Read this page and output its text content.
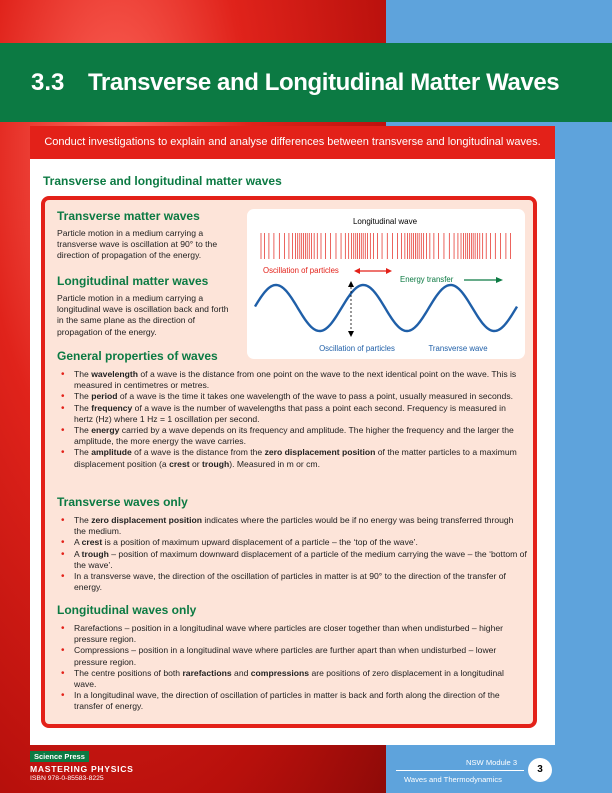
3.3 Transverse and Longitudinal Matter Waves
Conduct investigations to explain and analyse differences between transverse and longitudinal waves.
Transverse and longitudinal matter waves
Transverse matter waves
Particle motion in a medium carrying a transverse wave is oscillation at 90° to the direction of propagation of the energy.
Longitudinal matter waves
Particle motion in a medium carrying a longitudinal wave is oscillation back and forth in the same plane as the direction of propagation of the energy.
Longitudinal wave
Oscillation of particles
Energy transfer
Oscillation of particles	Transverse wave
General properties of waves
• The wavelength of a wave is the distance from one point on the wave to the next identical point on the wave. This is measured in centimetres or metres.
• The period of a wave is the time it takes one wavelength of the wave to pass a point, usually measured in seconds.
• The frequency of a wave is the number of wavelengths that pass a point each second. Frequency is measured in hertz (Hz) where 1 Hz = 1 oscillation per second.
• The energy carried by a wave depends on its frequency and amplitude. The higher the frequency and the larger the amplitude, the more energy the wave carries.
• The amplitude of a wave is the distance from the zero displacement position of the matter particles to a maximum displacement position (a crest or trough). Measured in m or cm.
Transverse waves only
• The zero displacement position indicates where the particles would be if no energy was being transferred through the medium.
• A crest is a position of maximum upward displacement of a particle – the ‘top of the wave’.
• A trough – position of maximum downward displacement of a particle of the medium carrying the wave – the ‘bottom of the wave’.
• In a transverse wave, the direction of the oscillation of particles in matter is at 90° to the direction of the transfer of energy.
Longitudinal waves only
• Rarefactions – position in a longitudinal wave where particles are closer together than when undisturbed – higher pressure region.
• Compressions – position in a longitudinal wave where particles are further apart than when undisturbed – lower pressure region.
• The centre positions of both rarefactions and compressions are positions of zero displacement in a longitudinal wave.
• In a longitudinal wave, the direction of oscillation of particles in matter is back and forth along the direction of the transfer of energy.
Science Press
MASTERING PHYSICS
ISBN 978-0-85583-8225
NSW Module 3
Waves and Thermodynamics
3
